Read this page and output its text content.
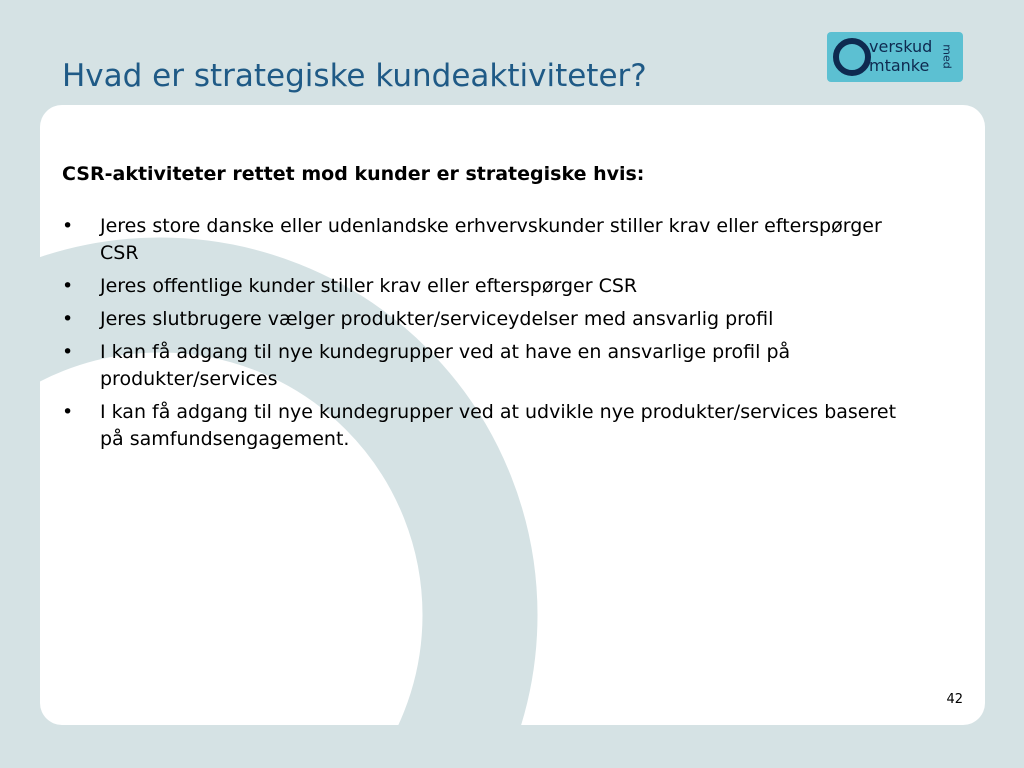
Hvad er strategiske kundeaktiviteter?
verskud
mtanke med

CSR-aktiviteter rettet mod kunder er strategiske hvis:

• Jeres store danske eller udenlandske erhvervskunder stiller krav eller efterspørger CSR
• Jeres offentlige kunder stiller krav eller efterspørger CSR
• Jeres slutbrugere vælger produkter/serviceydelser med ansvarlig profil
• I kan få adgang til nye kundegrupper ved at have en ansvarlige profil på produkter/services
• I kan få adgang til nye kundegrupper ved at udvikle nye produkter/services baseret på samfundsengagement.
42
